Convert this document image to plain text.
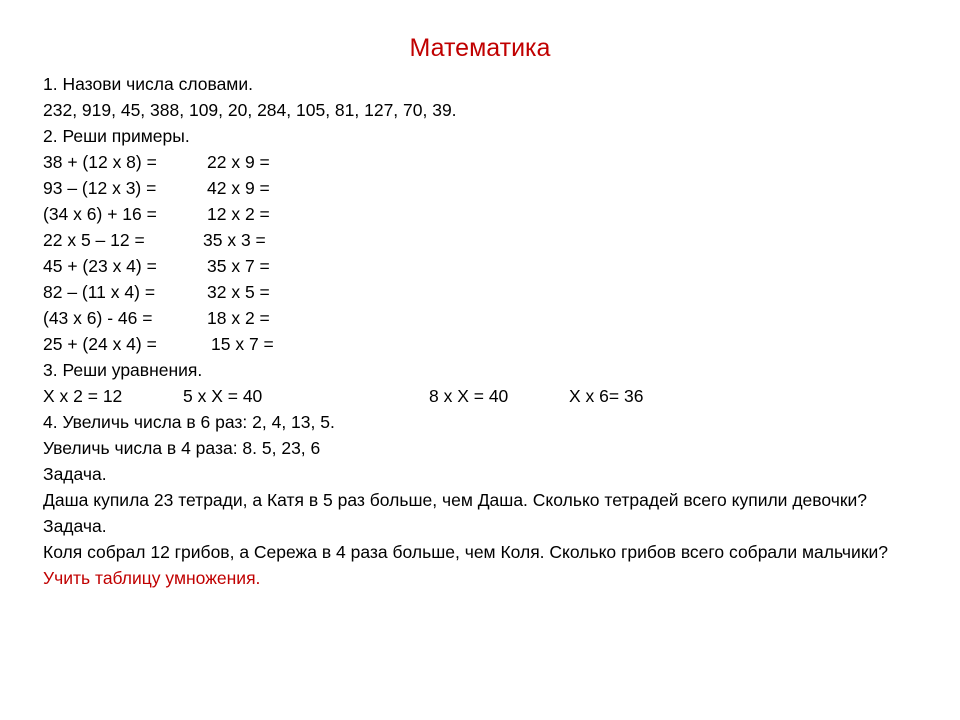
Математика
1. Назови числа словами.
232, 919, 45, 388, 109, 20, 284, 105, 81, 127, 70, 39.
2. Реши примеры.
38 + (12 x 8) =	22 x 9 =
93 – (12 x 3) =	42 x 9 =
(34 x 6) + 16 =	12 x 2 =
22 x 5 – 12 =	35 x 3 =
45 + (23 x 4) =	35 x 7 =
82 – (11 x 4) =	32 x 5 =
(43 x 6) - 46 =	18 x 2 =
25 + (24 x 4) =	15 x 7 =
3. Реши уравнения.
X x 2 = 12	5 x X = 40	8 x X = 40	X x 6= 36
4. Увеличь числа в 6 раз: 2, 4, 13, 5.
Увеличь числа в 4 раза: 8. 5, 23, 6
Задача.
Даша купила 23 тетради, а Катя в 5 раз больше, чем Даша. Сколько тетрадей всего купили девочки?
Задача.
Коля собрал 12 грибов, а Сережа в 4 раза больше, чем Коля. Сколько грибов всего собрали мальчики?
Учить таблицу умножения.
